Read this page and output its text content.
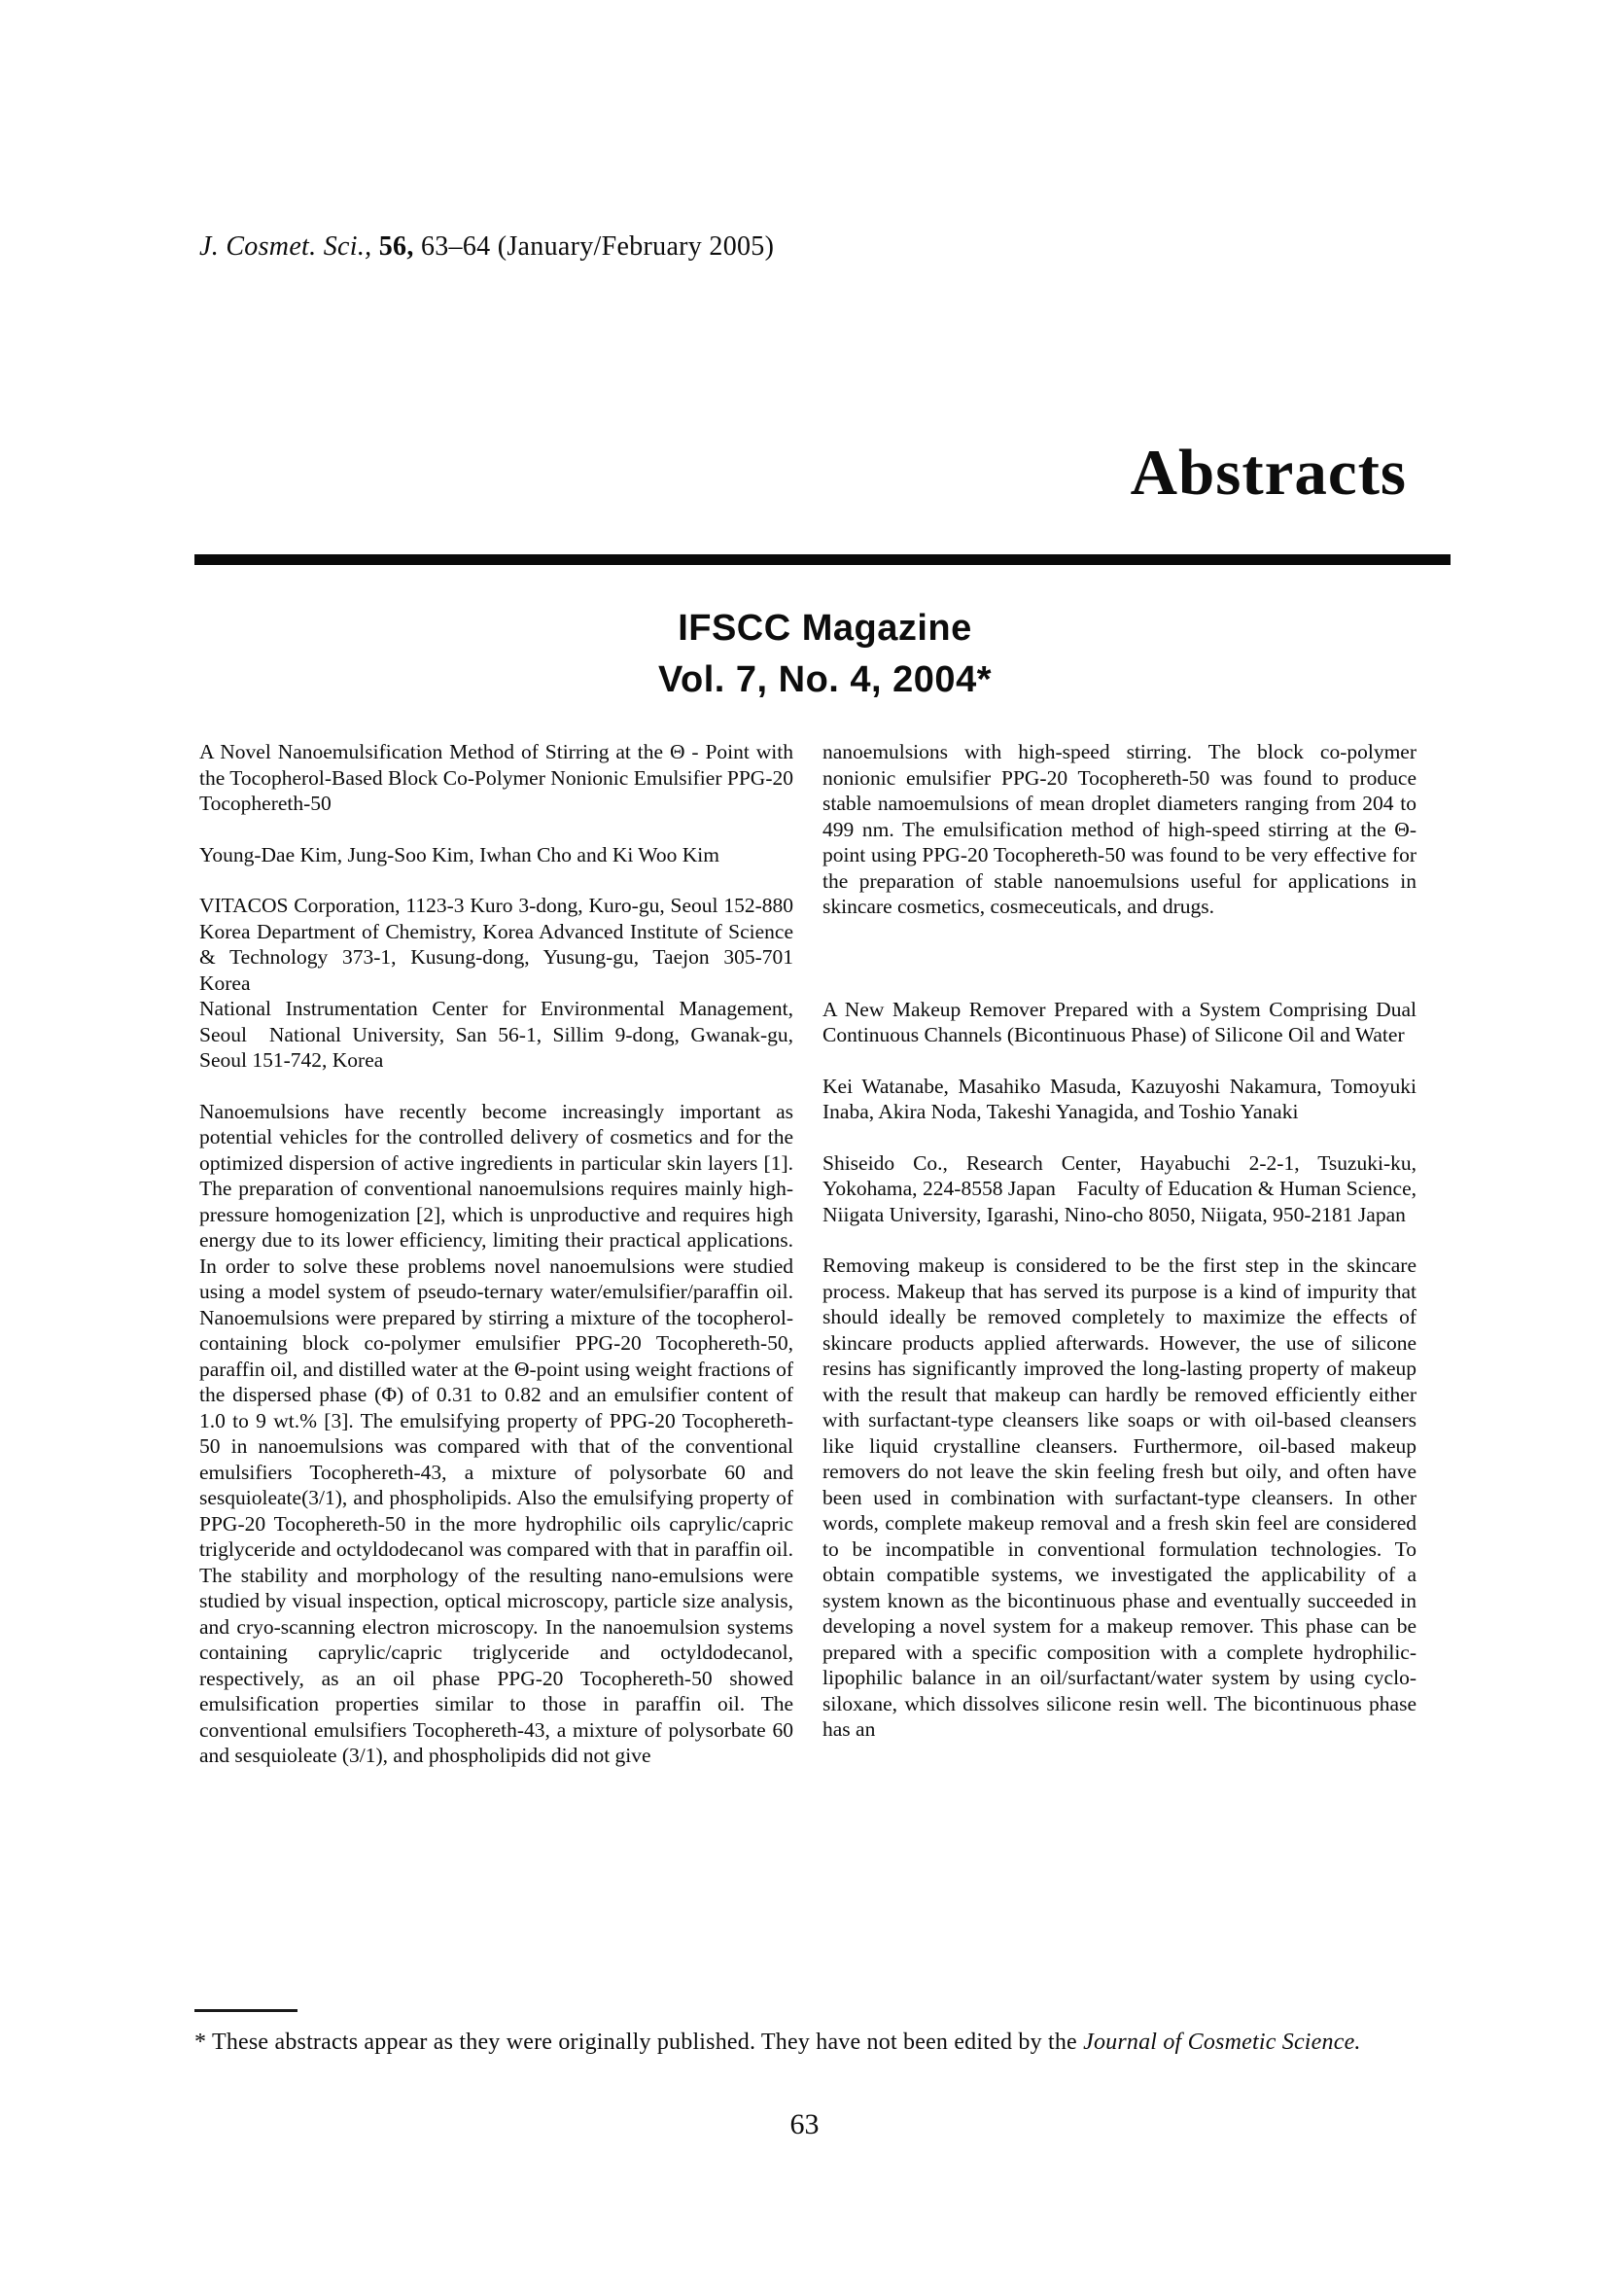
J. Cosmet. Sci., 56, 63–64 (January/February 2005)
Abstracts
IFSCC Magazine
Vol. 7, No. 4, 2004*

A Novel Nanoemulsification Method of Stirring at the Θ - Point with the Tocopherol-Based Block Co-Polymer Nonionic Emulsifier PPG-20 Tocophereth-50

Young-Dae Kim, Jung-Soo Kim, Iwhan Cho and Ki Woo Kim

VITACOS Corporation, 1123-3 Kuro 3-dong, Kuro-gu, Seoul 152-880 Korea Department of Chemistry, Korea Advanced Institute of Science & Technology 373-1, Kusung-dong, Yusung-gu, Taejon 305-701 Korea

National Instrumentation Center for Environmental Management, Seoul  National University, San 56-1, Sillim 9-dong, Gwanak-gu, Seoul 151-742, Korea

Nanoemulsions have recently become increasingly important as potential vehicles for the controlled delivery of cosmetics and for the optimized dispersion of active ingredients in particular skin layers [1]. The preparation of conventional nanoemulsions requires mainly high-pressure homogenization [2], which is unproductive and requires high energy due to its lower efficiency, limiting their practical applications. In order to solve these problems novel nanoemulsions were studied using a model system of pseudo-ternary water/emulsifier/paraffin oil. Nanoemulsions were prepared by stirring a mixture of the tocopherol-containing block co-polymer emulsifier PPG-20 Tocophereth-50, paraffin oil, and distilled water at the Θ-point using weight fractions of the dispersed phase (Φ) of 0.31 to 0.82 and an emulsifier content of 1.0 to 9 wt.% [3]. The emulsifying property of PPG-20 Tocophereth-50 in nanoemulsions was compared with that of the conventional emulsifiers Tocophereth-43, a mixture of polysorbate 60 and sesquioleate(3/1), and phospholipids. Also the emulsifying property of PPG-20 Tocophereth-50 in the more hydrophilic oils caprylic/capric triglyceride and octyldodecanol was compared with that in paraffin oil. The stability and morphology of the resulting nano-emulsions were studied by visual inspection, optical microscopy, particle size analysis, and cryo-scanning electron microscopy. In the nanoemulsion systems containing caprylic/capric triglyceride and octyldodecanol, respectively, as an oil phase PPG-20 Tocophereth-50 showed emulsification properties similar to those in paraffin oil. The conventional emulsifiers Tocophereth-43, a mixture of polysorbate 60 and sesquioleate (3/1), and phospholipids did not give

nanoemulsions with high-speed stirring. The block co-polymer nonionic emulsifier PPG-20 Tocophereth-50 was found to produce stable namoemulsions of mean droplet diameters ranging from 204 to 499 nm. The emulsification method of high-speed stirring at the Θ-point using PPG-20 Tocophereth-50 was found to be very effective for the preparation of stable nanoemulsions useful for applications in skincare cosmetics, cosmeceuticals, and drugs.

A New Makeup Remover Prepared with a System Comprising Dual Continuous Channels (Bicontinuous Phase) of Silicone Oil and Water

Kei Watanabe, Masahiko Masuda, Kazuyoshi Nakamura, Tomoyuki Inaba, Akira Noda, Takeshi Yanagida, and Toshio Yanaki

Shiseido Co., Research Center, Hayabuchi 2-2-1, Tsuzuki-ku, Yokohama, 224-8558 Japan    Faculty of Education & Human Science, Niigata University, Igarashi, Nino-cho 8050, Niigata, 950-2181 Japan

Removing makeup is considered to be the first step in the skincare process. Makeup that has served its purpose is a kind of impurity that should ideally be removed completely to maximize the effects of skincare products applied afterwards. However, the use of silicone resins has significantly improved the long-lasting property of makeup with the result that makeup can hardly be removed efficiently either with surfactant-type cleansers like soaps or with oil-based cleansers like liquid crystalline cleansers. Furthermore, oil-based makeup removers do not leave the skin feeling fresh but oily, and often have been used in combination with surfactant-type cleansers. In other words, complete makeup removal and a fresh skin feel are considered to be incompatible in conventional formulation technologies. To obtain compatible systems, we investigated the applicability of a system known as the bicontinuous phase and eventually succeeded in developing a novel system for a makeup remover. This phase can be prepared with a specific composition with a complete hydrophilic-lipophilic balance in an oil/surfactant/water system by using cyclo-siloxane, which dissolves silicone resin well. The bicontinuous phase has an

* These abstracts appear as they were originally published. They have not been edited by the Journal of Cosmetic Science.

63
